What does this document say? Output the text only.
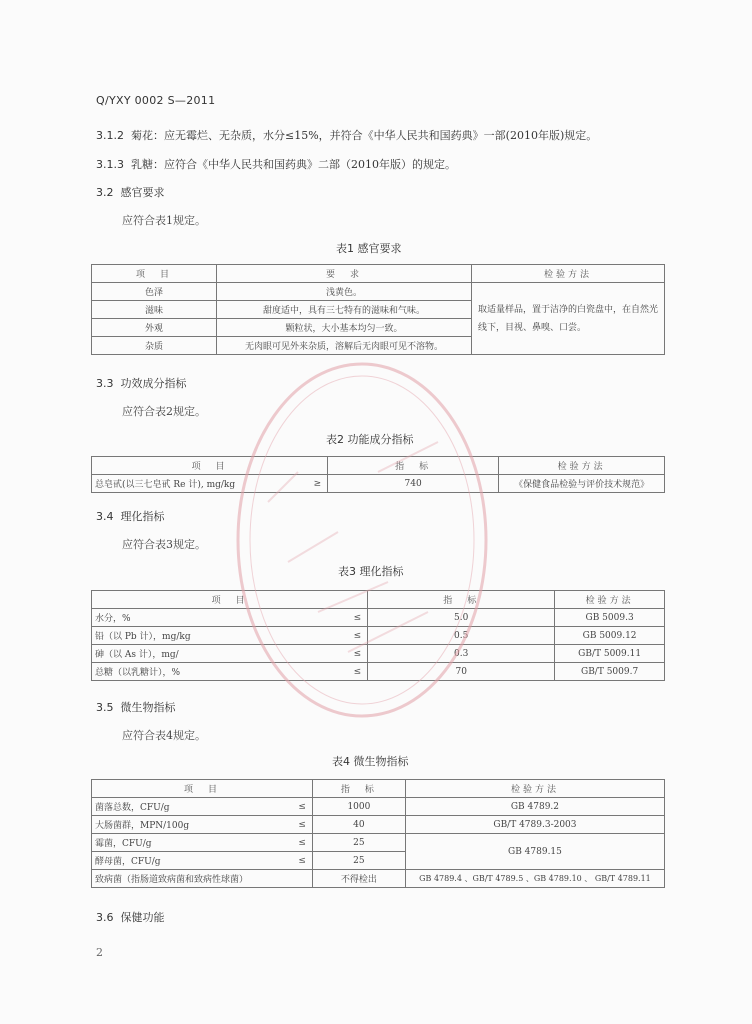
Q/YXY 0002 S—2011
3.1.2 菊花：应无霉烂、无杂质，水分≤15%，并符合《中华人民共和国药典》一部(2010年版)规定。
3.1.3 乳糖：应符合《中华人民共和国药典》二部（2010年版）的规定。
3.2 感官要求
应符合表1规定。
表1 感官要求
项　目	要　求	检验方法
色泽	浅黄色。	取适量样品，置于洁净的白瓷盘中，在自然光线下，目视、鼻嗅、口尝。
滋味	甜度适中，具有三七特有的滋味和气味。	
外观	颗粒状，大小基本均匀一致。	
杂质	无肉眼可见外来杂质，溶解后无肉眼可见不溶物。	
3.3 功效成分指标
应符合表2规定。
表2 功能成分指标
项　目		指　标	检验方法
总皂甙(以三七皂甙 Re 计), mg/kg	≥	740	《保健食品检验与评价技术规范》
3.4 理化指标
应符合表3规定。
表3 理化指标
项　目		指　标	检验方法
水分，%	≤	5.0	GB 5009.3
铅（以 Pb 计），mg/kg	≤	0.5	GB 5009.12
砷（以 As 计），mg/	≤	0.3	GB/T 5009.11
总糖（以乳糖计），%	≤	70	GB/T 5009.7
3.5 微生物指标
应符合表4规定。
表4 微生物指标
项　目		指　标	检验方法
菌落总数，CFU/g	≤	1000	GB 4789.2
大肠菌群，MPN/100g	≤	40	GB/T 4789.3-2003
霉菌，CFU/g	≤	25	GB 4789.15
酵母菌，CFU/g	≤	25	
致病菌（指肠道致病菌和致病性球菌）		不得检出	GB 4789.4 、GB/T 4789.5 、GB 4789.10 、 GB/T 4789.11
3.6 保健功能
2
